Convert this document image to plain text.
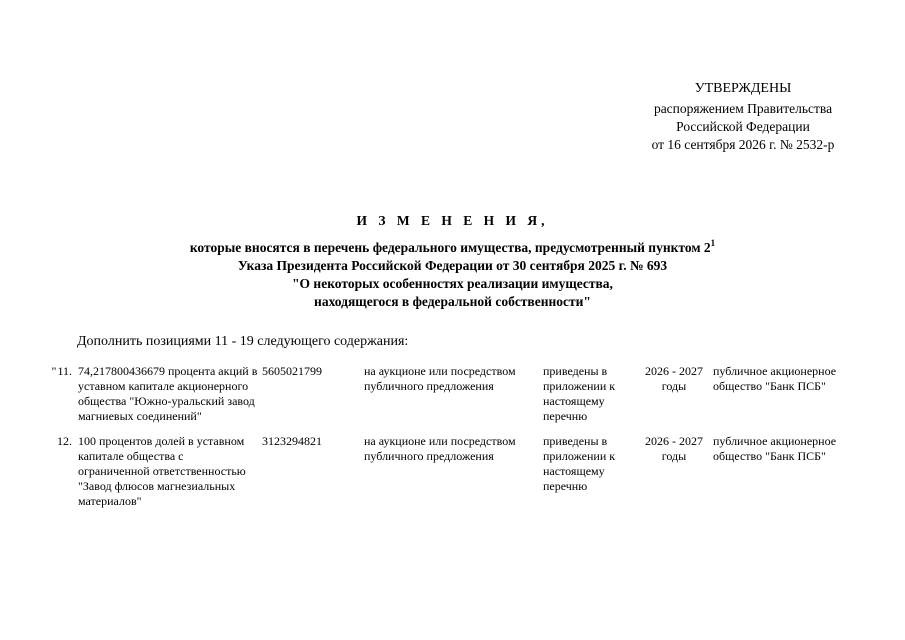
УТВЕРЖДЕНЫ
распоряжением Правительства
Российской Федерации
от 16 сентября 2026 г. № 2532-р
И З М Е Н Е Н И Я,
которые вносятся в перечень федерального имущества, предусмотренный пунктом $2^1$
Указа Президента Российской Федерации от 30 сентября 2025 г. № 693
"О некоторых особенностях реализации имущества,
находящегося в федеральной собственности"
Дополнить позициями 11 - 19 следующего содержания:
"11.	74,217800436679 процента акций в уставном капитале акционерного общества "Южно-уральский завод магниевых соединений"	5605021799	на аукционе или посредством публичного предложения	приведены в приложении к настоящему перечню	2026 - 2027 годы	публичное акционерное общество "Банк ПСБ"
12.	100 процентов долей в уставном капитале общества с ограниченной ответственностью "Завод флюсов магнезиальных материалов"	3123294821	на аукционе или посредством публичного предложения	приведены в приложении к настоящему перечню	2026 - 2027 годы	публичное акционерное общество "Банк ПСБ"
